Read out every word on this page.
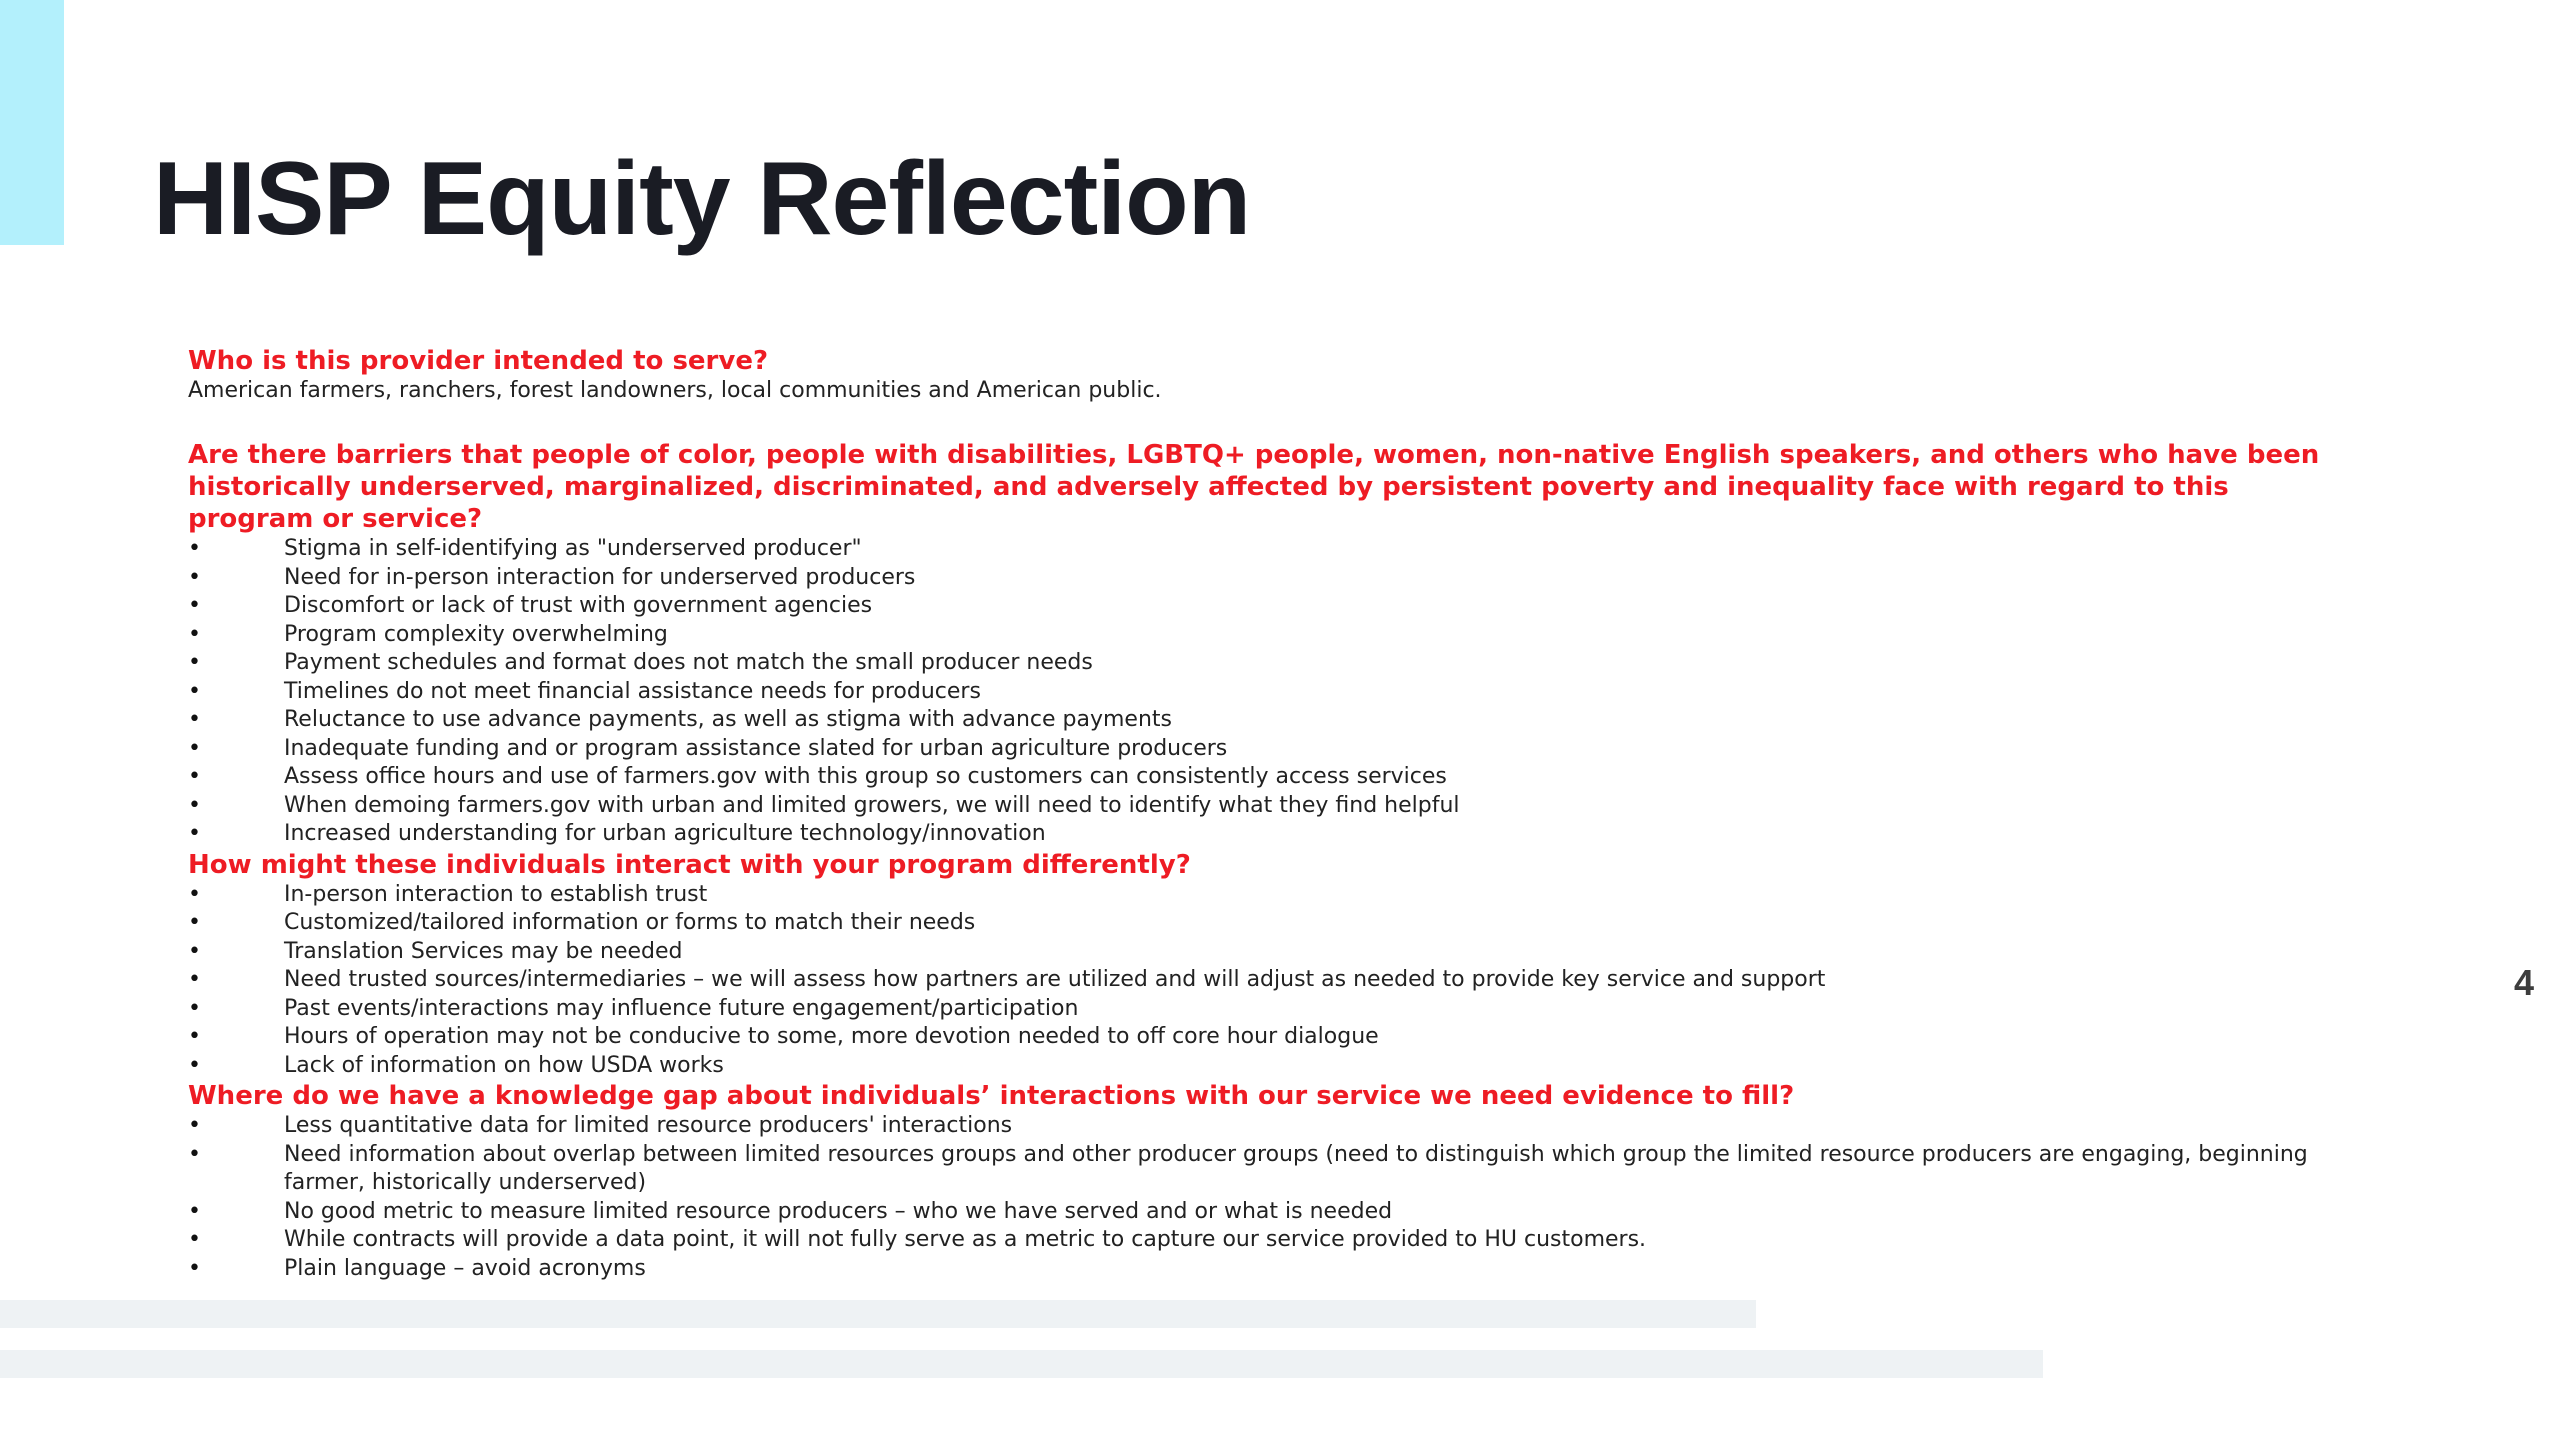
HISP Equity Reflection

Who is this provider intended to serve?

American farmers, ranchers, forest landowners, local communities and American public.

Are there barriers that people of color, people with disabilities, LGBTQ+ people, women, non-native English speakers, and others who have been historically underserved, marginalized, discriminated, and adversely affected by persistent poverty and inequality face with regard to this program or service?

• Stigma in self-identifying as "underserved producer"
• Need for in-person interaction for underserved producers
• Discomfort or lack of trust with government agencies
• Program complexity overwhelming
• Payment schedules and format does not match the small producer needs
• Timelines do not meet financial assistance needs for producers
• Reluctance to use advance payments, as well as stigma with advance payments
• Inadequate funding and or program assistance slated for urban agriculture producers
• Assess office hours and use of farmers.gov with this group so customers can consistently access services
• When demoing farmers.gov with urban and limited growers, we will need to identify what they find helpful
• Increased understanding for urban agriculture technology/innovation

How might these individuals interact with your program differently?

• In-person interaction to establish trust
• Customized/tailored information or forms to match their needs
• Translation Services may be needed
• Need trusted sources/intermediaries – we will assess how partners are utilized and will adjust as needed to provide key service and support
• Past events/interactions may influence future engagement/participation
• Hours of operation may not be conducive to some, more devotion needed to off core hour dialogue
• Lack of information on how USDA works

Where do we have a knowledge gap about individuals’ interactions with our service we need evidence to fill?

• Less quantitative data for limited resource producers' interactions
• Need information about overlap between limited resources groups and other producer groups (need to distinguish which group the limited resource producers are engaging, beginning farmer, historically underserved)
• No good metric to measure limited resource producers – who we have served and or what is needed
• While contracts will provide a data point, it will not fully serve as a metric to capture our service provided to HU customers.
• Plain language – avoid acronyms
4
